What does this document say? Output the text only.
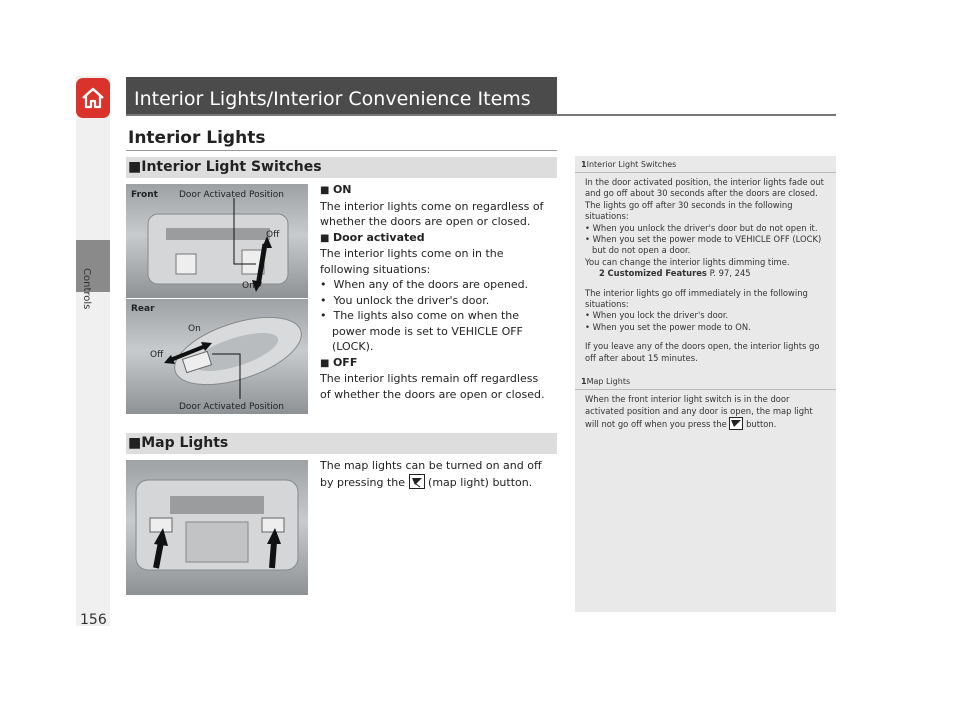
Controls
156
Interior Lights/Interior Convenience Items
Interior Lights
■Interior Light Switches
Front Door Activated Position
Off
On
Rear
On
Off
Door Activated Position
■ ON
The interior lights come on regardless of whether the doors are open or closed.
■ Door activated
The interior lights come on in the following situations:
•  When any of the doors are opened.
•  You unlock the driver's door.
•  The lights also come on when the power mode is set to VEHICLE OFF (LOCK).
■ OFF
The interior lights remain off regardless of whether the doors are open or closed.
■Map Lights
The map lights can be turned on and off by pressing the (map light) button.
1Interior Light Switches
In the door activated position, the interior lights fade out and go off about 30 seconds after the doors are closed.
The lights go off after 30 seconds in the following situations:
• When you unlock the driver's door but do not open it.
• When you set the power mode to VEHICLE OFF (LOCK) but do not open a door.
You can change the interior lights dimming time.
2 Customized Features P. 97, 245
The interior lights go off immediately in the following situations:
• When you lock the driver's door.
• When you set the power mode to ON.
If you leave any of the doors open, the interior lights go off after about 15 minutes.
1Map Lights
When the front interior light switch is in the door activated position and any door is open, the map light will not go off when you press the button.
